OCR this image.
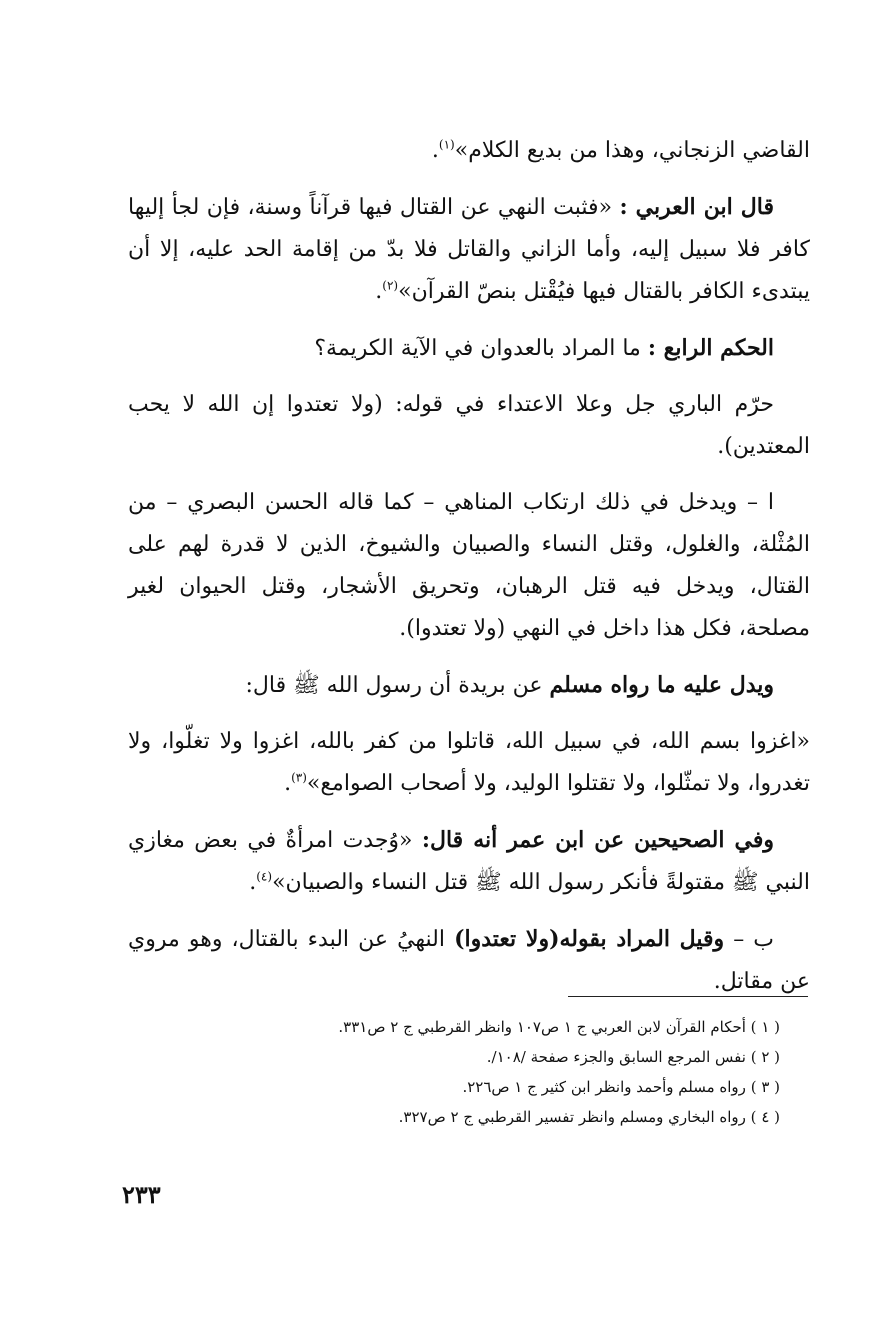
القاضي الزنجاني، وهذا من بديع الكلام»$^{(١)}$.

قال ابن العربي : «فثبت النهي عن القتال فيها قرآناً وسنة، فإن لجأ إليها كافر فلا سبيل إليه، وأما الزاني والقاتل فلا بدّ من إقامة الحد عليه، إلا أن يبتدىء الكافر بالقتال فيها فيُقْتل بنصّ القرآن»$^{(٢)}$.

الحكم الرابع : ما المراد بالعدوان في الآية الكريمة؟

حرّم الباري جل وعلا الاعتداء في قوله: (ولا تعتدوا إن الله لا يحب المعتدين).

ا – ويدخل في ذلك ارتكاب المناهي – كما قاله الحسن البصري – من المُثْلة، والغلول، وقتل النساء والصبيان والشيوخ، الذين لا قدرة لهم على القتال، ويدخل فيه قتل الرهبان، وتحريق الأشجار، وقتل الحيوان لغير مصلحة، فكل هذا داخل في النهي (ولا تعتدوا).

ويدل عليه ما رواه مسلم عن بريدة أن رسول الله ﷺ قال:

«اغزوا بسم الله، في سبيل الله، قاتلوا من كفر بالله، اغزوا ولا تغلّوا، ولا تغدروا، ولا تمثّلوا، ولا تقتلوا الوليد، ولا أصحاب الصوامع»$^{(٣)}$.

وفي الصحيحين عن ابن عمر أنه قال: «وُجدت امرأةٌ في بعض مغازي النبي ﷺ مقتولةً فأنكر رسول الله ﷺ قتل النساء والصبيان»$^{(٤)}$.

ب – وقيل المراد بقوله(ولا تعتدوا) النهيُ عن البدء بالقتال، وهو مروي عن مقاتل.

( ١ ) أحكام القرآن لابن العربي ج ١ ص١٠٧ وانظر القرطبي ج ٢ ص٣٣١.
( ٢ ) نفس المرجع السابق والجزء صفحة /١٠٨/.
( ٣ ) رواه مسلم وأحمد وانظر ابن كثير ج ١ ص٢٢٦.
( ٤ ) رواه البخاري ومسلم وانظر تفسير القرطبي ج ٢ ص٣٢٧.
٢٣٣
